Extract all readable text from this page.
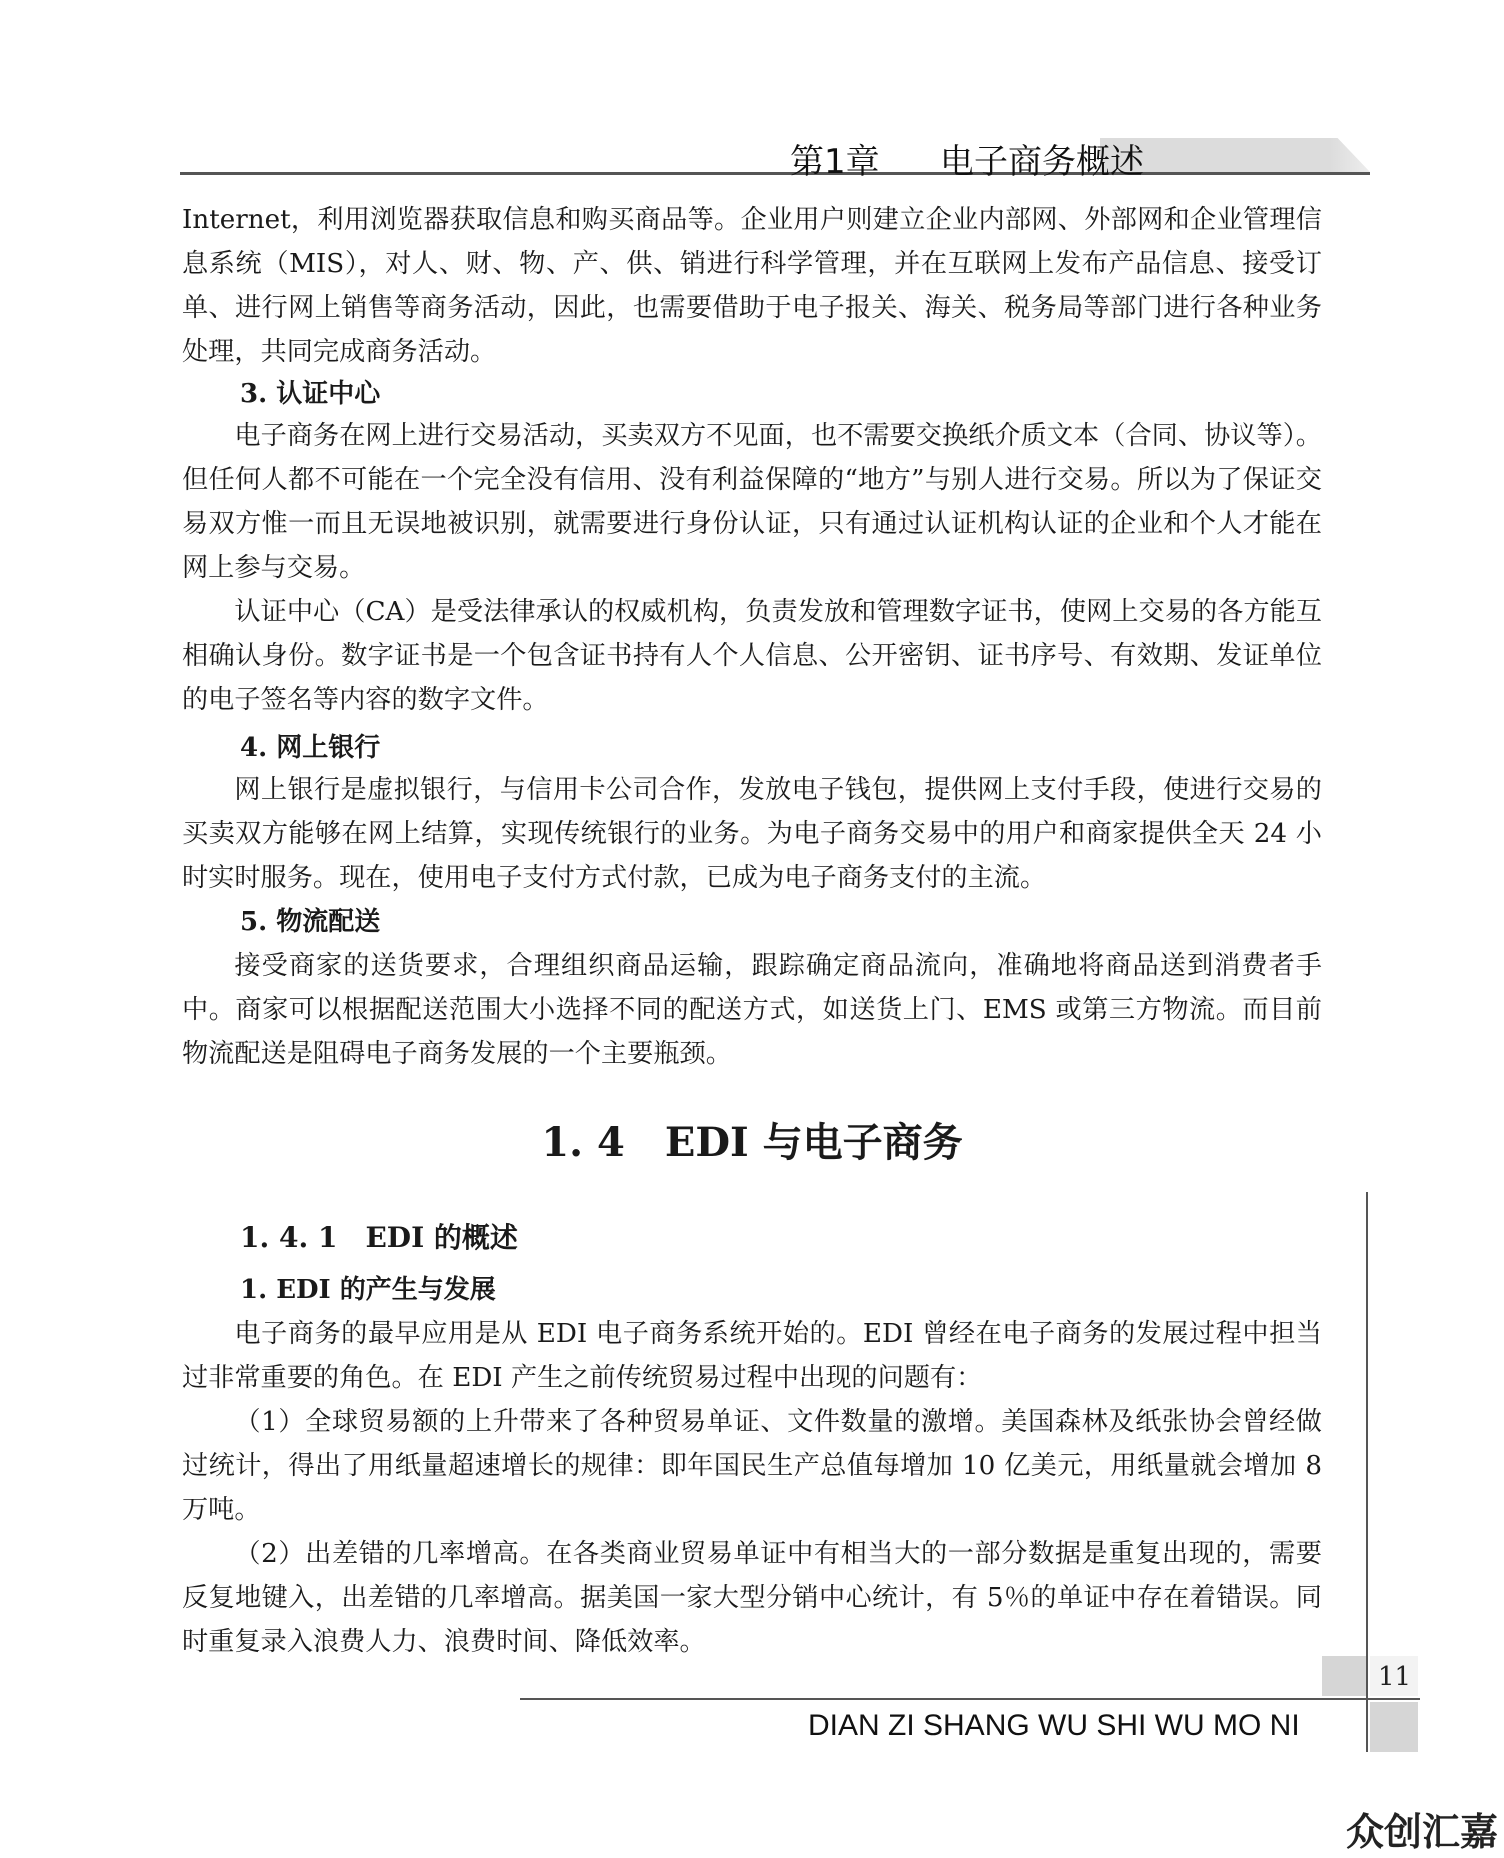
第1章 电子商务概述

Internet，利用浏览器获取信息和购买商品等。企业用户则建立企业内部网、外部网和企业管理信息系统（MIS），对人、财、物、产、供、销进行科学管理，并在互联网上发布产品信息、接受订单、进行网上销售等商务活动，因此，也需要借助于电子报关、海关、税务局等部门进行各种业务处理，共同完成商务活动。

3. 认证中心

电子商务在网上进行交易活动，买卖双方不见面，也不需要交换纸介质文本（合同、协议等）。但任何人都不可能在一个完全没有信用、没有利益保障的“地方”与别人进行交易。所以为了保证交易双方惟一而且无误地被识别，就需要进行身份认证，只有通过认证机构认证的企业和个人才能在网上参与交易。

认证中心（CA）是受法律承认的权威机构，负责发放和管理数字证书，使网上交易的各方能互相确认身份。数字证书是一个包含证书持有人个人信息、公开密钥、证书序号、有效期、发证单位的电子签名等内容的数字文件。

4. 网上银行

网上银行是虚拟银行，与信用卡公司合作，发放电子钱包，提供网上支付手段，使进行交易的买卖双方能够在网上结算，实现传统银行的业务。为电子商务交易中的用户和商家提供全天 24 小时实时服务。现在，使用电子支付方式付款，已成为电子商务支付的主流。

5. 物流配送

接受商家的送货要求，合理组织商品运输，跟踪确定商品流向，准确地将商品送到消费者手中。商家可以根据配送范围大小选择不同的配送方式，如送货上门、EMS 或第三方物流。而目前物流配送是阻碍电子商务发展的一个主要瓶颈。

1. 4　EDI 与电子商务
1. 4. 1　EDI 的概述
1. EDI 的产生与发展

电子商务的最早应用是从 EDI 电子商务系统开始的。EDI 曾经在电子商务的发展过程中担当过非常重要的角色。在 EDI 产生之前传统贸易过程中出现的问题有：

（1）全球贸易额的上升带来了各种贸易单证、文件数量的激增。美国森林及纸张协会曾经做过统计，得出了用纸量超速增长的规律：即年国民生产总值每增加 10 亿美元，用纸量就会增加 8 万吨。

（2）出差错的几率增高。在各类商业贸易单证中有相当大的一部分数据是重复出现的，需要反复地键入，出差错的几率增高。据美国一家大型分销中心统计，有 5％的单证中存在着错误。同时重复录入浪费人力、浪费时间、降低效率。

11
DIAN ZI SHANG WU SHI WU MO NI
众创汇嘉
